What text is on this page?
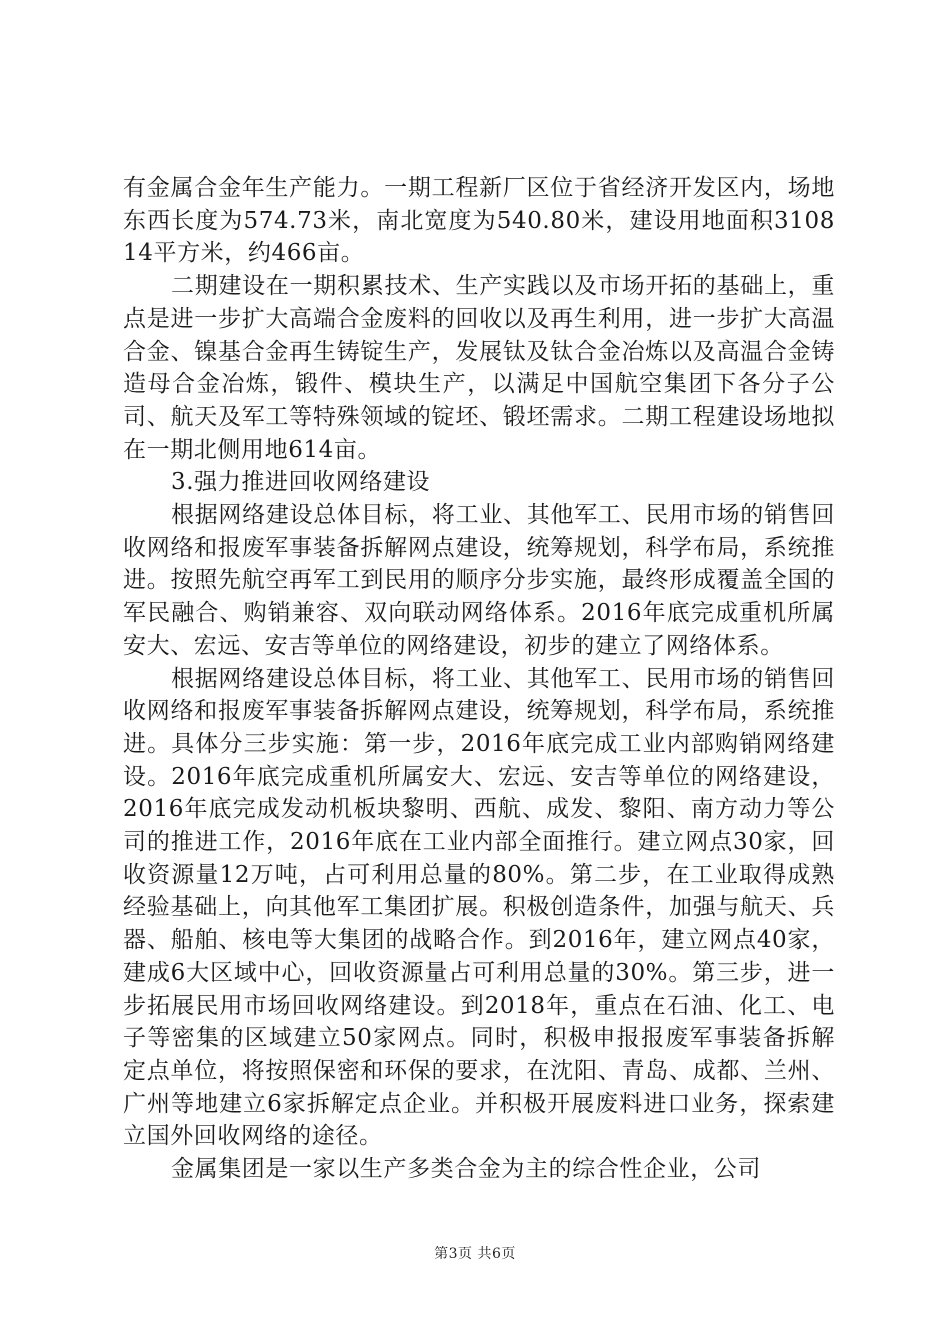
有金属合金年生产能力。一期工程新厂区位于省经济开发区内，场地东西长度为574.73米，南北宽度为540.80米，建设用地面积310814平方米，约466亩。

二期建设在一期积累技术、生产实践以及市场开拓的基础上，重点是进一步扩大高端合金废料的回收以及再生利用，进一步扩大高温合金、镍基合金再生铸锭生产，发展钛及钛合金冶炼以及高温合金铸造母合金冶炼，锻件、模块生产，以满足中国航空集团下各分子公司、航天及军工等特殊领域的锭坯、锻坯需求。二期工程建设场地拟在一期北侧用地614亩。

3.强力推进回收网络建设

根据网络建设总体目标，将工业、其他军工、民用市场的销售回收网络和报废军事装备拆解网点建设，统筹规划，科学布局，系统推进。按照先航空再军工到民用的顺序分步实施，最终形成覆盖全国的军民融合、购销兼容、双向联动网络体系。2016年底完成重机所属安大、宏远、安吉等单位的网络建设，初步的建立了网络体系。

根据网络建设总体目标，将工业、其他军工、民用市场的销售回收网络和报废军事装备拆解网点建设，统筹规划，科学布局，系统推进。具体分三步实施：第一步，2016年底完成工业内部购销网络建设。2016年底完成重机所属安大、宏远、安吉等单位的网络建设，2016年底完成发动机板块黎明、西航、成发、黎阳、南方动力等公司的推进工作，2016年底在工业内部全面推行。建立网点30家，回收资源量12万吨，占可利用总量的80%。第二步，在工业取得成熟经验基础上，向其他军工集团扩展。积极创造条件，加强与航天、兵器、船舶、核电等大集团的战略合作。到2016年，建立网点40家，建成6大区域中心，回收资源量占可利用总量的30%。第三步，进一步拓展民用市场回收网络建设。到2018年，重点在石油、化工、电子等密集的区域建立50家网点。同时，积极申报报废军事装备拆解定点单位，将按照保密和环保的要求，在沈阳、青岛、成都、兰州、广州等地建立6家拆解定点企业。并积极开展废料进口业务，探索建立国外回收网络的途径。

金属集团是一家以生产多类合金为主的综合性企业，公司

第3页 共6页
